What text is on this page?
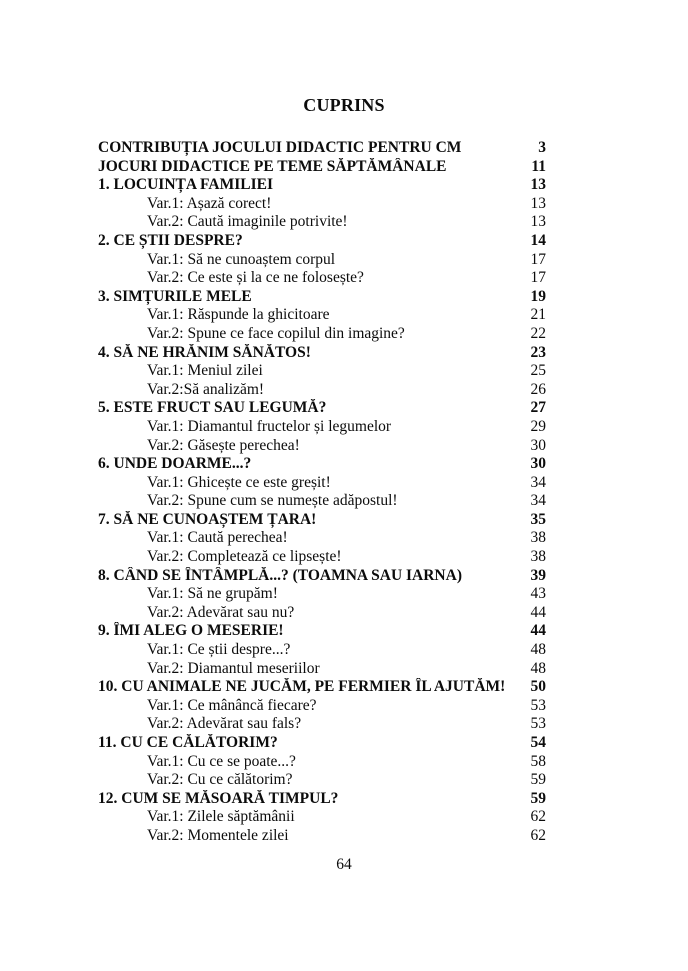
CUPRINS
CONTRIBUȚIA JOCULUI DIDACTIC PENTRU CM	3
JOCURI DIDACTICE PE TEME SĂPTĂMÂNALE	11
1. LOCUINȚA FAMILIEI	13
Var.1: Așază corect!	13
Var.2: Caută imaginile potrivite!	13
2. CE ȘTII DESPRE?	14
Var.1: Să ne cunoaștem corpul	17
Var.2: Ce este și la ce ne folosește?	17
3. SIMȚURILE MELE	19
Var.1: Răspunde la ghicitoare	21
Var.2: Spune ce face copilul din imagine?	22
4. SĂ NE HRĂNIM SĂNĂTOS!	23
Var.1: Meniul zilei	25
Var.2:Să analizăm!	26
5. ESTE FRUCT SAU LEGUMĂ?	27
Var.1: Diamantul fructelor și legumelor	29
Var.2: Găsește perechea!	30
6. UNDE DOARME...?	30
Var.1: Ghicește ce este greșit!	34
Var.2: Spune cum se numește adăpostul!	34
7. SĂ NE CUNOAȘTEM ȚARA!	35
Var.1: Caută perechea!	38
Var.2: Completează ce lipsește!	38
8. CÂND SE ÎNTÂMPLĂ...? (TOAMNA SAU IARNA)	39
Var.1: Să ne grupăm!	43
Var.2: Adevărat sau nu?	44
9. ÎMI ALEG O MESERIE!	44
Var.1: Ce știi despre...?	48
Var.2: Diamantul meseriilor	48
10. CU ANIMALE NE JUCĂM, PE FERMIER ÎL AJUTĂM!	50
Var.1: Ce mânâncă fiecare?	53
Var.2: Adevărat sau fals?	53
11. CU CE CĂLĂTORIM?	54
Var.1: Cu ce se poate...?	58
Var.2: Cu ce călătorim?	59
12. CUM SE MĂSOARĂ TIMPUL?	59
Var.1: Zilele săptămânii	62
Var.2: Momentele zilei	62
64
